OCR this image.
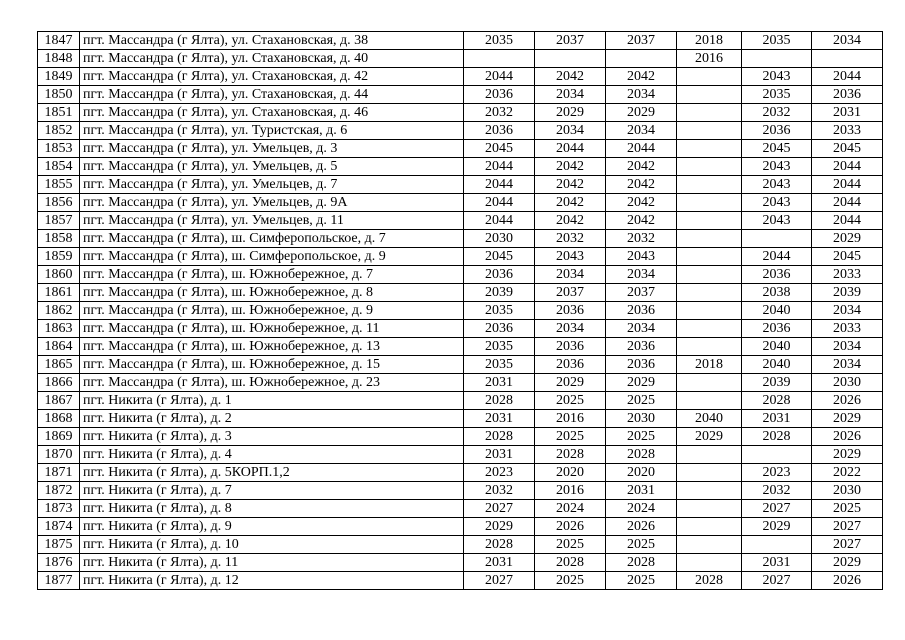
1847	пгт. Массандра (г Ялта), ул. Стахановская, д. 38	2035	2037	2037	2018	2035	2034
1848	пгт. Массандра (г Ялта), ул. Стахановская, д. 40				2016		
1849	пгт. Массандра (г Ялта), ул. Стахановская, д. 42	2044	2042	2042		2043	2044
1850	пгт. Массандра (г Ялта), ул. Стахановская, д. 44	2036	2034	2034		2035	2036
1851	пгт. Массандра (г Ялта), ул. Стахановская, д. 46	2032	2029	2029		2032	2031
1852	пгт. Массандра (г Ялта), ул. Туристская, д. 6	2036	2034	2034		2036	2033
1853	пгт. Массандра (г Ялта), ул. Умельцев, д. 3	2045	2044	2044		2045	2045
1854	пгт. Массандра (г Ялта), ул. Умельцев, д. 5	2044	2042	2042		2043	2044
1855	пгт. Массандра (г Ялта), ул. Умельцев, д. 7	2044	2042	2042		2043	2044
1856	пгт. Массандра (г Ялта), ул. Умельцев, д. 9А	2044	2042	2042		2043	2044
1857	пгт. Массандра (г Ялта), ул. Умельцев, д. 11	2044	2042	2042		2043	2044
1858	пгт. Массандра (г Ялта), ш. Симферопольское, д. 7	2030	2032	2032			2029
1859	пгт. Массандра (г Ялта), ш. Симферопольское, д. 9	2045	2043	2043		2044	2045
1860	пгт. Массандра (г Ялта), ш. Южнобережное, д. 7	2036	2034	2034		2036	2033
1861	пгт. Массандра (г Ялта), ш. Южнобережное, д. 8	2039	2037	2037		2038	2039
1862	пгт. Массандра (г Ялта), ш. Южнобережное, д. 9	2035	2036	2036		2040	2034
1863	пгт. Массандра (г Ялта), ш. Южнобережное, д. 11	2036	2034	2034		2036	2033
1864	пгт. Массандра (г Ялта), ш. Южнобережное, д. 13	2035	2036	2036		2040	2034
1865	пгт. Массандра (г Ялта), ш. Южнобережное, д. 15	2035	2036	2036	2018	2040	2034
1866	пгт. Массандра (г Ялта), ш. Южнобережное, д. 23	2031	2029	2029		2039	2030
1867	пгт. Никита (г Ялта), д. 1	2028	2025	2025		2028	2026
1868	пгт. Никита (г Ялта), д. 2	2031	2016	2030	2040	2031	2029
1869	пгт. Никита (г Ялта), д. 3	2028	2025	2025	2029	2028	2026
1870	пгт. Никита (г Ялта), д. 4	2031	2028	2028			2029
1871	пгт. Никита (г Ялта), д. 5КОРП.1,2	2023	2020	2020		2023	2022
1872	пгт. Никита (г Ялта), д. 7	2032	2016	2031		2032	2030
1873	пгт. Никита (г Ялта), д. 8	2027	2024	2024		2027	2025
1874	пгт. Никита (г Ялта), д. 9	2029	2026	2026		2029	2027
1875	пгт. Никита (г Ялта), д. 10	2028	2025	2025			2027
1876	пгт. Никита (г Ялта), д. 11	2031	2028	2028		2031	2029
1877	пгт. Никита (г Ялта), д. 12	2027	2025	2025	2028	2027	2026
